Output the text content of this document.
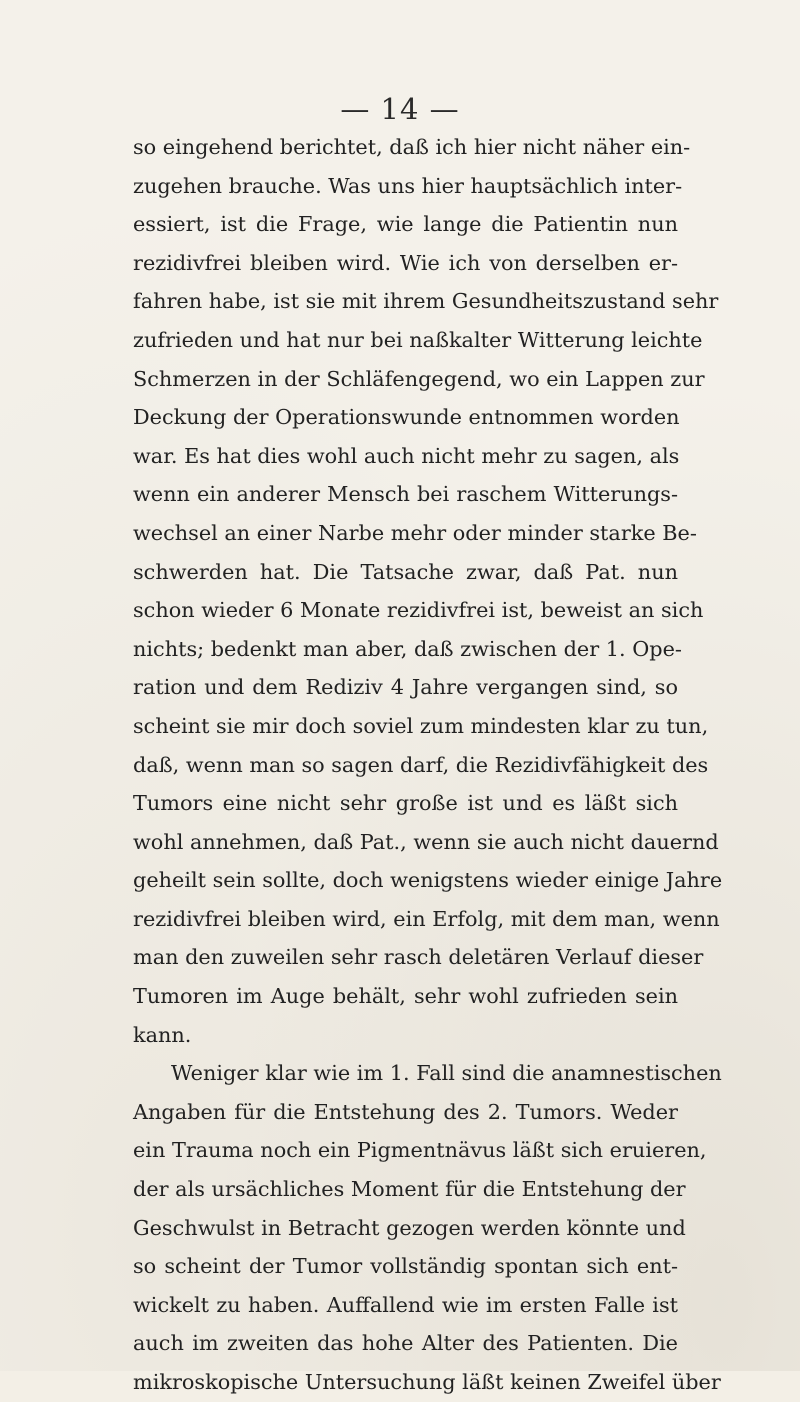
— 14 —
so eingehend berichtet, daß ich hier nicht näher ein-
zugehen brauche. Was uns hier hauptsächlich inter-
essiert, ist die Frage, wie lange die Patientin nun
rezidivfrei bleiben wird. Wie ich von derselben er-
fahren habe, ist sie mit ihrem Gesundheitszustand sehr
zufrieden und hat nur bei naßkalter Witterung leichte
Schmerzen in der Schläfengegend, wo ein Lappen zur
Deckung der Operationswunde entnommen worden
war. Es hat dies wohl auch nicht mehr zu sagen, als
wenn ein anderer Mensch bei raschem Witterungs-
wechsel an einer Narbe mehr oder minder starke Be-
schwerden hat. Die Tatsache zwar, daß Pat. nun
schon wieder 6 Monate rezidivfrei ist, beweist an sich
nichts; bedenkt man aber, daß zwischen der 1. Ope-
ration und dem Rediziv 4 Jahre vergangen sind, so
scheint sie mir doch soviel zum mindesten klar zu tun,
daß, wenn man so sagen darf, die Rezidivfähigkeit des
Tumors eine nicht sehr große ist und es läßt sich
wohl annehmen, daß Pat., wenn sie auch nicht dauernd
geheilt sein sollte, doch wenigstens wieder einige Jahre
rezidivfrei bleiben wird, ein Erfolg, mit dem man, wenn
man den zuweilen sehr rasch deletären Verlauf dieser
Tumoren im Auge behält, sehr wohl zufrieden sein
kann.
Weniger klar wie im 1. Fall sind die anamnestischen
Angaben für die Entstehung des 2. Tumors. Weder
ein Trauma noch ein Pigmentnävus läßt sich eruieren,
der als ursächliches Moment für die Entstehung der
Geschwulst in Betracht gezogen werden könnte und
so scheint der Tumor vollständig spontan sich ent-
wickelt zu haben. Auffallend wie im ersten Falle ist
auch im zweiten das hohe Alter des Patienten. Die
mikroskopische Untersuchung läßt keinen Zweifel über
